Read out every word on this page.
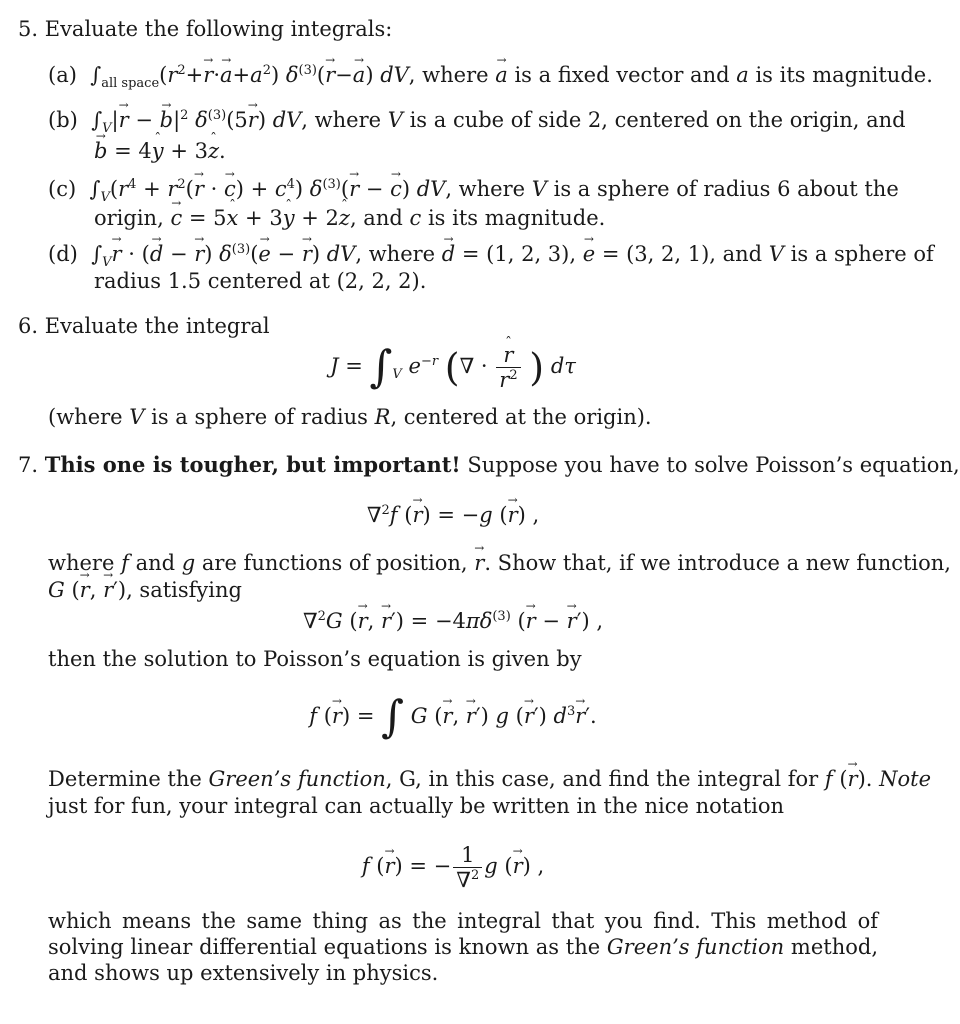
5. Evaluate the following integrals:
(a)  $\int_{all space}(r^2+\to r\cdot\to a+a^2)$ $\delta^{(3)}(\to r-\to a)$ dV, where → a is a fixed vector and a is its magnitude.
(b)  $\int_V|\to r$ − → $b|^2$ $\delta^{(3)}(5\to r)$ dV, where V is a cube of side 2, centered on the origin, and
→ b = 4ˆ y + 3ˆ z.
(c)  $\int_V(r^4 + r^2(\to r$ · → $c) + c^4$) $\delta^{(3)}(\to r$ − → c) dV, where V is a sphere of radius 6 about the
origin, → c = 5ˆ x + 3ˆ y + 2ˆ z, and c is its magnitude.
(d)  $\int_V\to r$ · (→ d − → r) $\delta^{(3)}(\to e$ − → r) dV, where → d = (1, 2, 3), → e = (3, 2, 1), and V is a sphere of
radius 1.5 centered at (2, 2, 2).
6. Evaluate the integral
$J = \int_V$ $e^{-r}$ (∇ · ˆ $\frac{r}{r^2}$ ) dτ
(where V is a sphere of radius R, centered at the origin).
7. This one is tougher, but important! Suppose you have to solve Poisson’s equation,
∇$^2$f (→ r) = −g (→ r) ,
where f and g are functions of position, → r. Show that, if we introduce a new function,
G (→ r, → r′), satisfying
∇$^2$G (→ r, → $r') = -4\pi\delta^{(3)}$ (→ r − → r′) ,
then the solution to Poisson’s equation is given by
f (→ r) = ∫ G (→ r, → r′) g (→ r′) $d^3\to r'$.
Determine the Green’s function, G, in this case, and find the integral for f (→ r). Note
just for fun, your integral can actually be written in the nice notation
f (→ r) = − $\frac{1}{\nabla^2}$ g (→ r) ,
which means the same thing as the integral that you find. This method of solving linear differential equations is known as the Green’s function method, and shows up extensively in physics.
